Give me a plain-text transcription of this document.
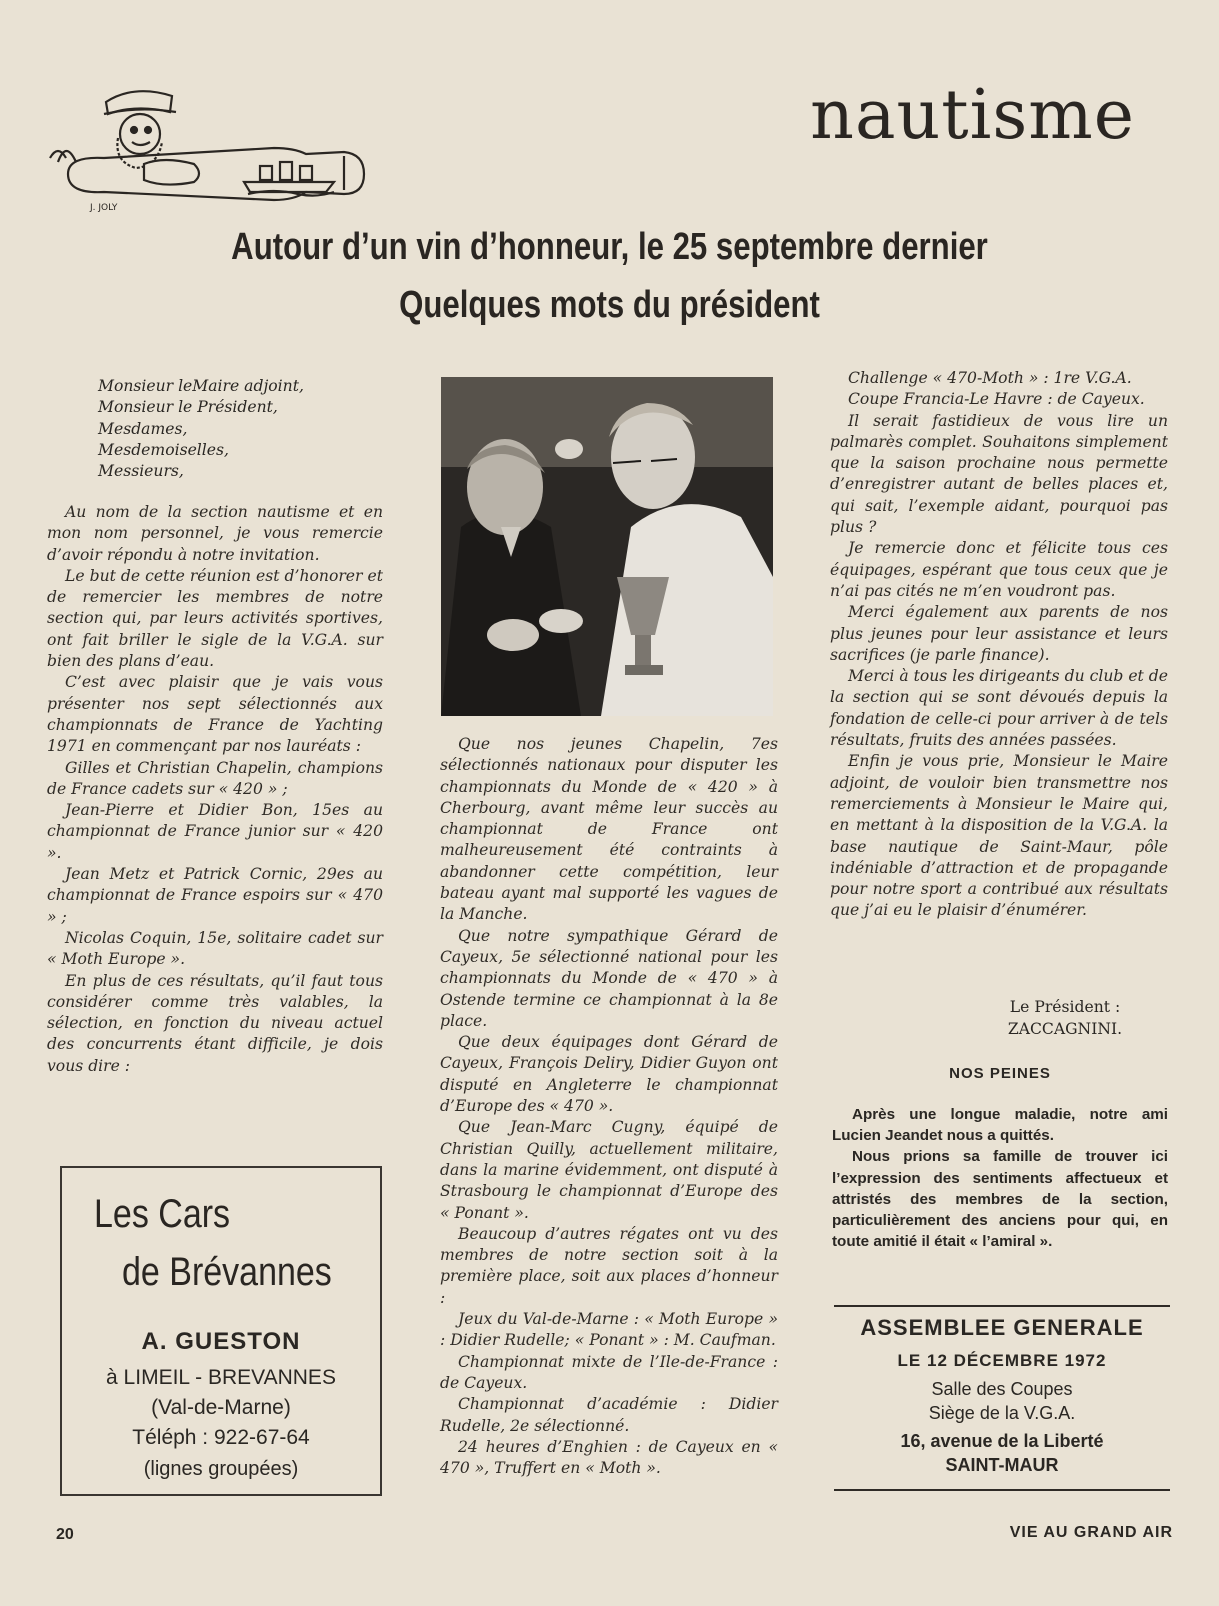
J. JOLY
nautisme
Autour d’un vin d’honneur, le 25 septembre dernier
Quelques mots du président
Monsieur leMaire adjoint,
Monsieur le Président,
Mesdames,
Mesdemoiselles,
Messieurs,

Au nom de la section nautisme et en mon nom personnel, je vous remercie d’avoir répondu à notre invitation.

Le but de cette réunion est d’honorer et de remercier les membres de notre section qui, par leurs activités sportives, ont fait briller le sigle de la V.G.A. sur bien des plans d’eau.

C’est avec plaisir que je vais vous présenter nos sept sélectionnés aux championnats de France de Yachting 1971 en commençant par nos lauréats :

Gilles et Christian Chapelin, champions de France cadets sur « 420 » ;

Jean-Pierre et Didier Bon, 15es au championnat de France junior sur « 420 ».

Jean Metz et Patrick Cornic, 29es au championnat de France espoirs sur « 470 » ;

Nicolas Coquin, 15e, solitaire cadet sur « Moth Europe ».

En plus de ces résultats, qu’il faut tous considérer comme très valables, la sélection, en fonction du niveau actuel des concurrents étant difficile, je dois vous dire :

Que nos jeunes Chapelin, 7es sélectionnés nationaux pour disputer les championnats du Monde de « 420 » à Cherbourg, avant même leur succès au championnat de France ont malheureusement été contraints à abandonner cette compétition, leur bateau ayant mal supporté les vagues de la Manche.

Que notre sympathique Gérard de Cayeux, 5e sélectionné national pour les championnats du Monde de « 470 » à Ostende termine ce championnat à la 8e place.

Que deux équipages dont Gérard de Cayeux, François Deliry, Didier Guyon ont disputé en Angleterre le championnat d’Europe des « 470 ».

Que Jean-Marc Cugny, équipé de Christian Quilly, actuellement militaire, dans la marine évidemment, ont disputé à Strasbourg le championnat d’Europe des « Ponant ».

Beaucoup d’autres régates ont vu des membres de notre section soit à la première place, soit aux places d’honneur :

Jeux du Val-de-Marne : « Moth Europe » : Didier Rudelle; « Ponant » : M. Caufman.

Championnat mixte de l’Ile-de-France : de Cayeux.

Championnat d’académie : Didier Rudelle, 2e sélectionné.

24 heures d’Enghien : de Cayeux en « 470 », Truffert en « Moth ».

Challenge « 470-Moth » : 1re V.G.A.

Coupe Francia-Le Havre : de Cayeux.

Il serait fastidieux de vous lire un palmarès complet. Souhaitons simplement que la saison prochaine nous permette d’enregistrer autant de belles places et, qui sait, l’exemple aidant, pourquoi pas plus ?

Je remercie donc et félicite tous ces équipages, espérant que tous ceux que je n’ai pas cités ne m’en voudront pas.

Merci également aux parents de nos plus jeunes pour leur assistance et leurs sacrifices (je parle finance).

Merci à tous les dirigeants du club et de la section qui se sont dévoués depuis la fondation de celle-ci pour arriver à de tels résultats, fruits des années passées.

Enfin je vous prie, Monsieur le Maire adjoint, de vouloir bien transmettre nos remerciements à Monsieur le Maire qui, en mettant à la disposition de la V.G.A. la base nautique de Saint-Maur, pôle indéniable d’attraction et de propagande pour notre sport a contribué aux résultats que j’ai eu le plaisir d’énumérer.

Le Président :
ZACCAGNINI.
NOS PEINES

Après une longue maladie, notre ami Lucien Jeandet nous a quittés.

Nous prions sa famille de trouver ici l’expression des sentiments affectueux et attristés des membres de la section, particulièrement des anciens pour qui, en toute amitié il était « l’amiral ».

Les Cars
de Brévannes
A. GUESTON
à LIMEIL - BREVANNES
(Val-de-Marne)
Téléph : 922-67-64
(lignes groupées)
ASSEMBLEE GENERALE
LE 12 DÉCEMBRE 1972
Salle des Coupes
Siège de la V.G.A.
16, avenue de la Liberté
SAINT-MAUR
20	VIE AU GRAND AIR
